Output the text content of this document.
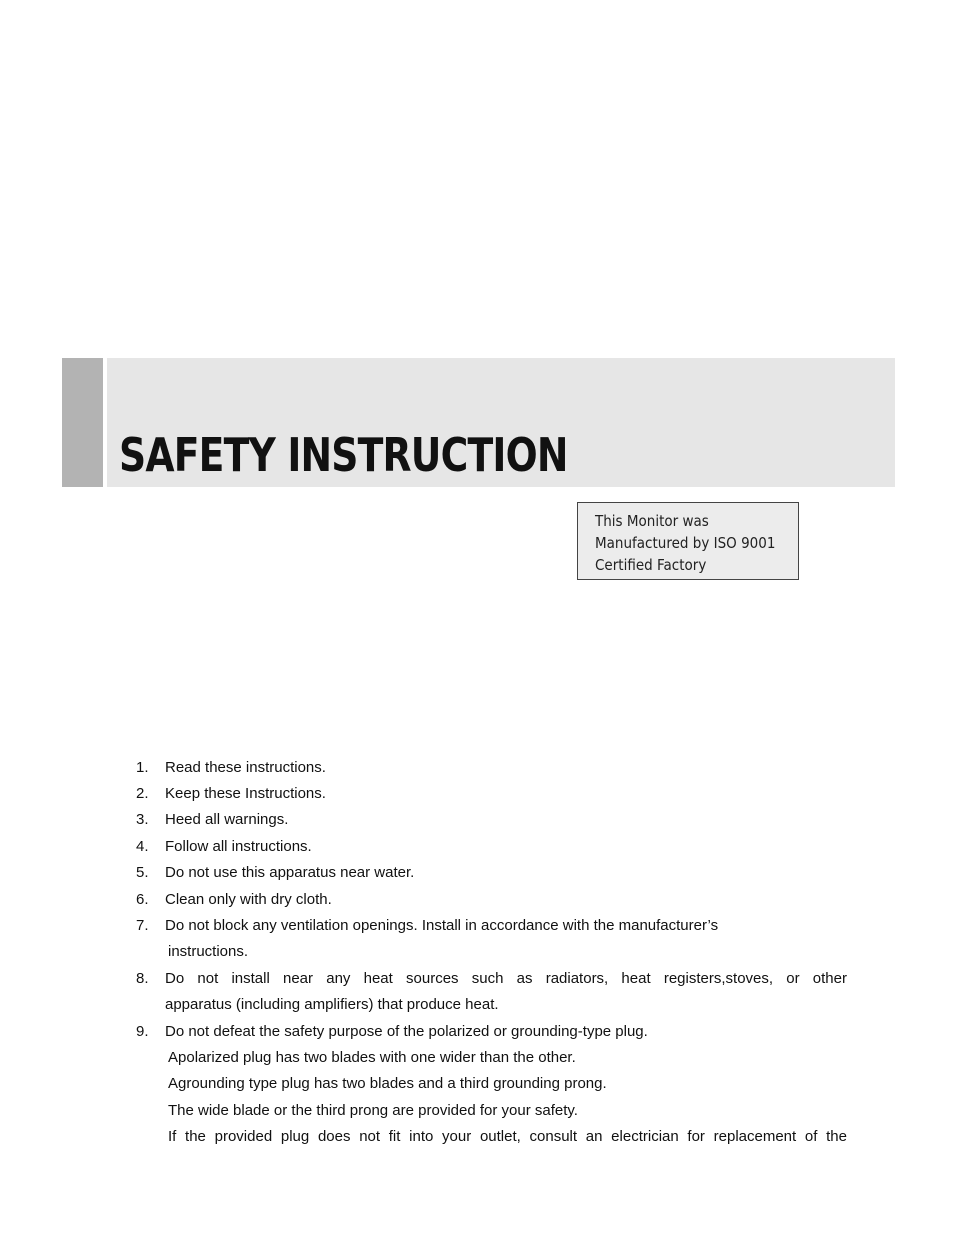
SAFETY INSTRUCTION
This Monitor was
Manufactured by ISO 9001
Certified Factory
1. Read these instructions.
2. Keep these Instructions.
3. Heed all warnings.
4. Follow all instructions.
5. Do not use this apparatus near water.
6. Clean only with dry cloth.
7. Do not block any ventilation openings. Install in accordance with the manufacturer’s
instructions.
8. Do not install near any heat sources such as radiators, heat registers,stoves, or other
apparatus (including amplifiers) that produce heat.
9. Do not defeat the safety purpose of the polarized or grounding-type plug.
Apolarized plug has two blades with one wider than the other.
Agrounding type plug has two blades and a third grounding prong.
The wide blade or the third prong are provided for your safety.
If the provided plug does not fit into your outlet, consult an electrician for replacement of the
